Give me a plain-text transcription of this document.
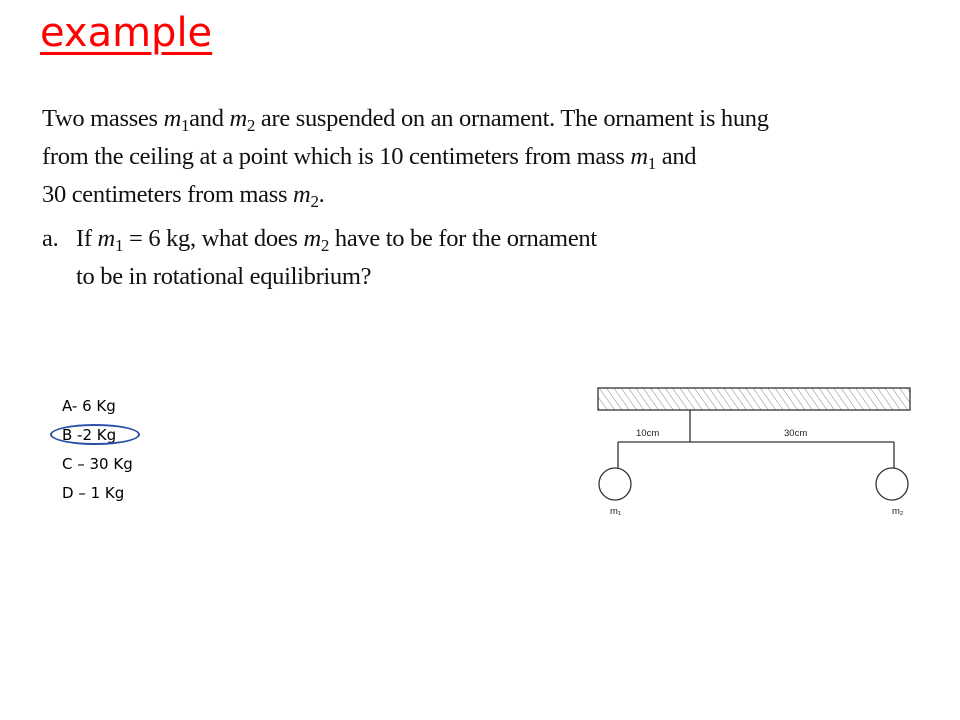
example
Two masses $m_1and$ $m_2$ are suspended on an ornament. The ornament is hung
from the ceiling at a point which is 10 centimeters from mass $m_1$ and
30 centimeters from mass $m_2$.
a. If $m_1 = 6$ kg, what does $m_2$ have to be for the ornament
to be in rotational equilibrium?
A- 6 Kg
B -2 Kg
C – 30 Kg
D – 1 Kg
10cm	30cm
m₁	m₂
